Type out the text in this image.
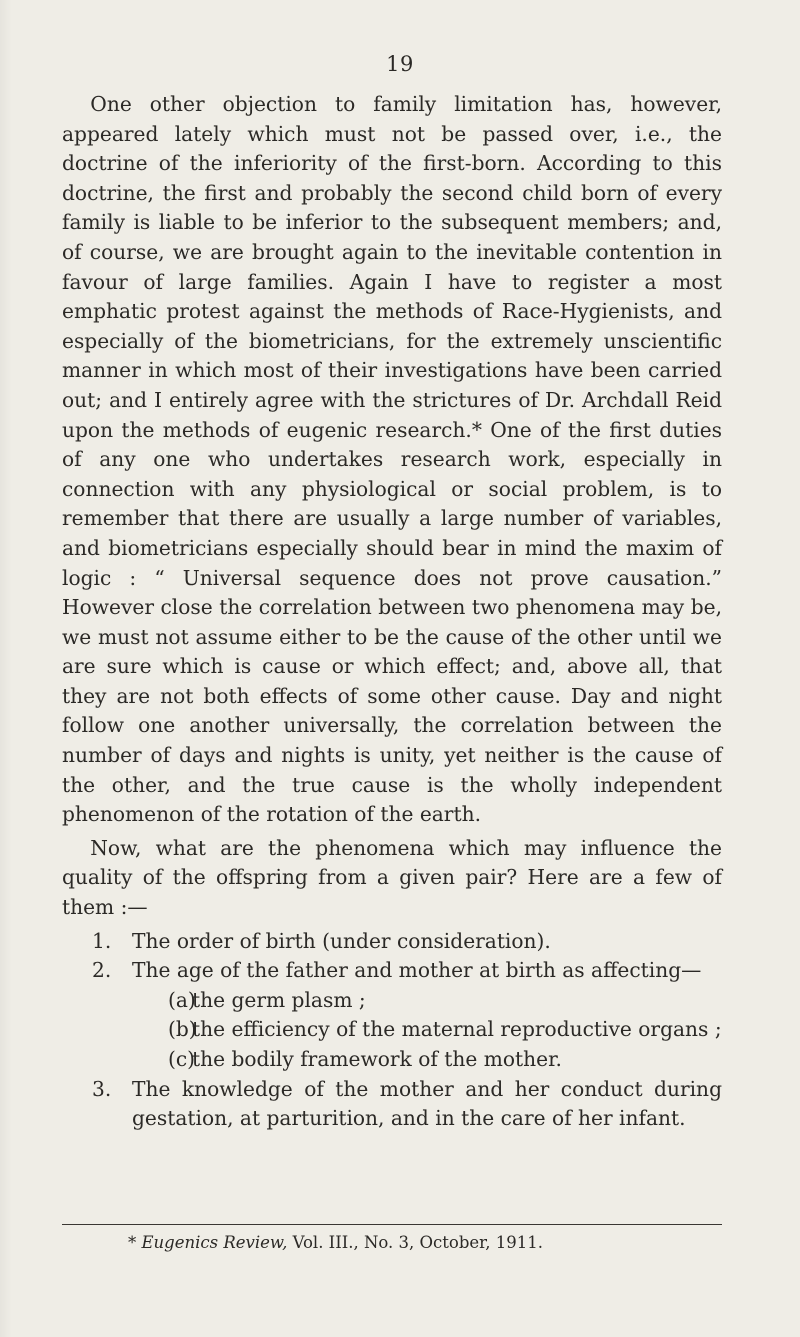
19

One other objection to family limitation has, however, appeared lately which must not be passed over, i.e., the doctrine of the inferiority of the first-born. According to this doctrine, the first and probably the second child born of every family is liable to be inferior to the subsequent members; and, of course, we are brought again to the inevitable contention in favour of large families. Again I have to register a most emphatic protest against the methods of Race-Hygienists, and especially of the biometricians, for the extremely unscientific manner in which most of their investigations have been carried out; and I entirely agree with the strictures of Dr. Archdall Reid upon the methods of eugenic research.* One of the first duties of any one who undertakes research work, especially in connection with any physiological or social problem, is to remember that there are usually a large number of variables, and biometricians especially should bear in mind the maxim of logic : “ Universal sequence does not prove causation.” However close the correlation between two phenomena may be, we must not assume either to be the cause of the other until we are sure which is cause or which effect; and, above all, that they are not both effects of some other cause. Day and night follow one another universally, the correlation between the number of days and nights is unity, yet neither is the cause of the other, and the true cause is the wholly independent phenomenon of the rotation of the earth.

Now, what are the phenomena which may influence the quality of the offspring from a given pair? Here are a few of them :—

1. The order of birth (under consideration).
2. The age of the father and mother at birth as affecting—
(a)
the germ plasm ;
(b)
the efficiency of the maternal reproductive organs ;
(c)
the bodily framework of the mother.
3. The knowledge of the mother and her conduct during gestation, at parturition, and in the care of her infant.
* Eugenics Review, Vol. III., No. 3, October, 1911.
